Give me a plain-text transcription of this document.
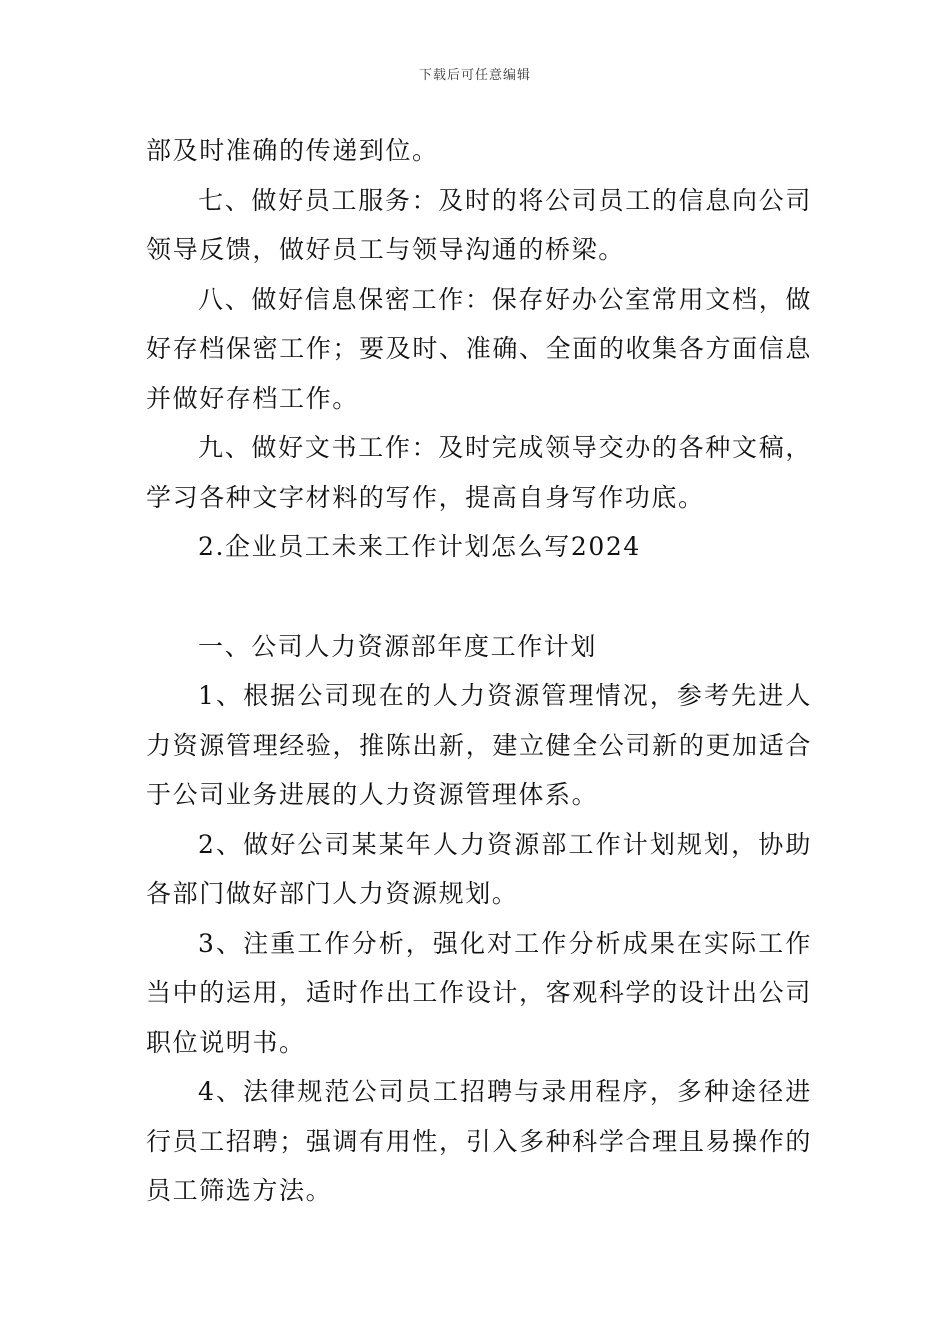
下载后可任意编辑

部及时准确的传递到位。

七、做好员工服务：及时的将公司员工的信息向公司领导反馈，做好员工与领导沟通的桥梁。

八、做好信息保密工作：保存好办公室常用文档，做好存档保密工作；要及时、准确、全面的收集各方面信息并做好存档工作。

九、做好文书工作：及时完成领导交办的各种文稿，学习各种文字材料的写作，提高自身写作功底。

2.企业员工未来工作计划怎么写2024

一、公司人力资源部年度工作计划

1、根据公司现在的人力资源管理情况，参考先进人力资源管理经验，推陈出新，建立健全公司新的更加适合于公司业务进展的人力资源管理体系。

2、做好公司某某年人力资源部工作计划规划，协助各部门做好部门人力资源规划。

3、注重工作分析，强化对工作分析成果在实际工作当中的运用，适时作出工作设计，客观科学的设计出公司职位说明书。

4、法律规范公司员工招聘与录用程序，多种途径进行员工招聘；强调有用性，引入多种科学合理且易操作的员工筛选方法。
